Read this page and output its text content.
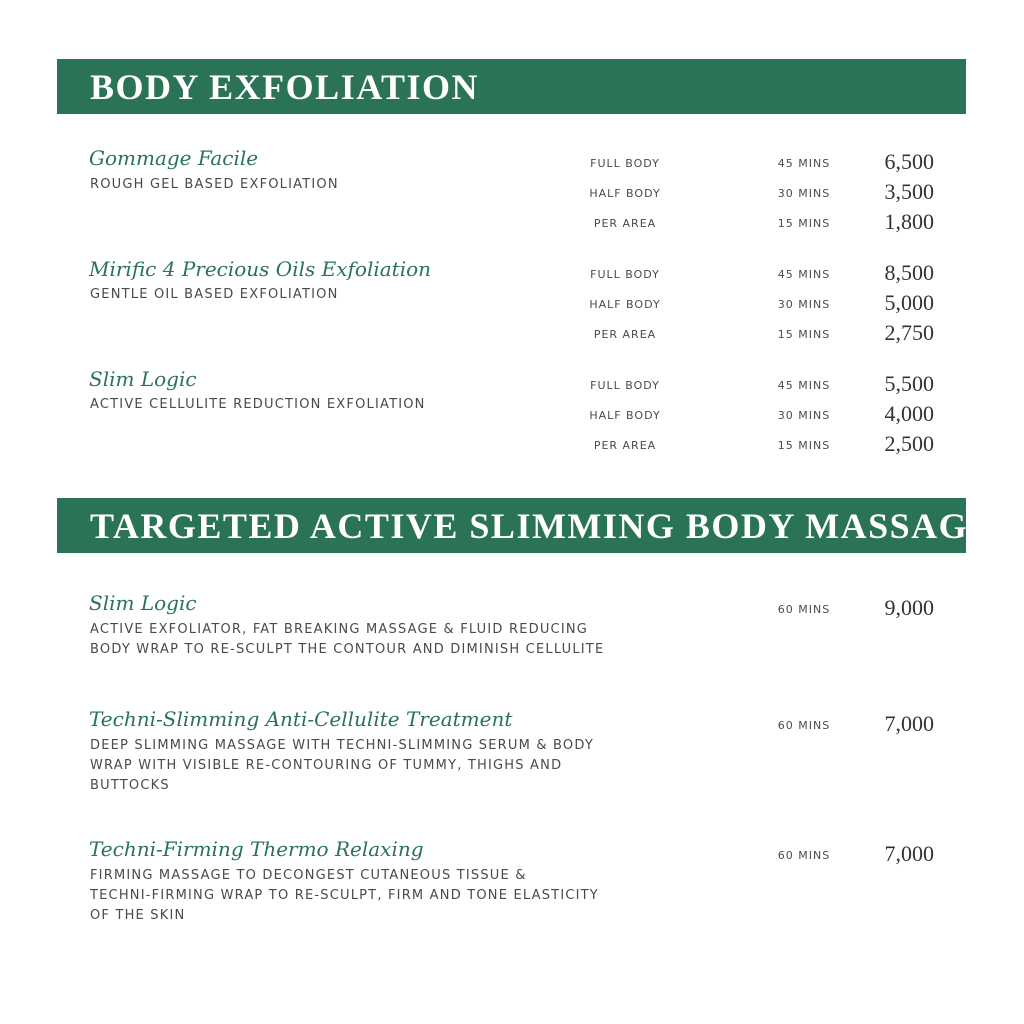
BODY EXFOLIATION
Gommage Facile
ROUGH GEL BASED EXFOLIATION
FULL BODY	45 MINS	6,500
HALF BODY	30 MINS	3,500
PER AREA	15 MINS	1,800
Mirific 4 Precious Oils Exfoliation
GENTLE OIL BASED EXFOLIATION
FULL BODY	45 MINS	8,500
HALF BODY	30 MINS	5,000
PER AREA	15 MINS	2,750
Slim Logic
ACTIVE CELLULITE REDUCTION EXFOLIATION
FULL BODY	45 MINS	5,500
HALF BODY	30 MINS	4,000
PER AREA	15 MINS	2,500
TARGETED ACTIVE SLIMMING BODY MASSAGES
Slim Logic
ACTIVE EXFOLIATOR, FAT BREAKING MASSAGE & FLUID REDUCING
BODY WRAP TO RE-SCULPT THE CONTOUR AND DIMINISH CELLULITE
60 MINS	9,000
Techni-Slimming Anti-Cellulite Treatment
DEEP SLIMMING MASSAGE WITH TECHNI-SLIMMING SERUM & BODY
WRAP WITH VISIBLE RE-CONTOURING OF TUMMY, THIGHS AND
BUTTOCKS
60 MINS	7,000
Techni-Firming Thermo Relaxing
FIRMING MASSAGE TO DECONGEST CUTANEOUS TISSUE &
TECHNI-FIRMING WRAP TO RE-SCULPT, FIRM AND TONE ELASTICITY
OF THE SKIN
60 MINS	7,000
